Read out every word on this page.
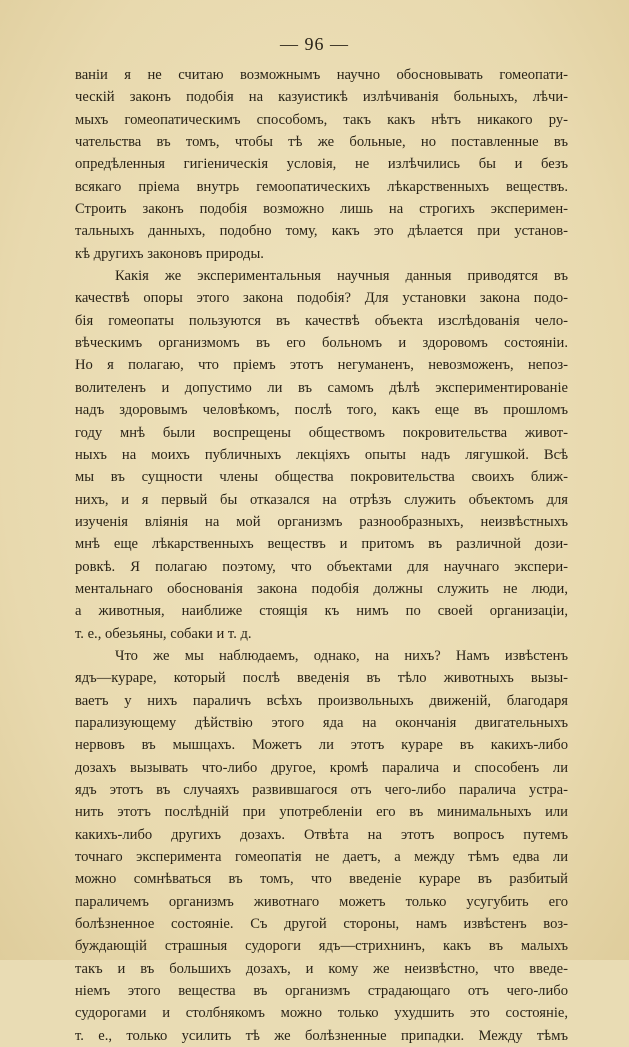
— 96 —
ваніи я не считаю возможнымъ научно обосновывать гомеопати-
ческій законъ подобія на казуистикѣ излѣчиванія больныхъ, лѣчи-
мыхъ гомеопатическимъ способомъ, такъ какъ нѣтъ никакого ру-
чательства въ томъ, чтобы тѣ же больные, но поставленные въ
опредѣленныя гигіеническія условія, не излѣчились бы и безъ
всякаго пріема внутрь гемоопатическихъ лѣкарственныхъ веществъ.
Строить законъ подобія возможно лишь на строгихъ эксперимен-
тальныхъ данныхъ, подобно тому, какъ это дѣлается при установ-
кѣ другихъ законовъ природы.
Какія же экспериментальныя научныя данныя приводятся въ
качествѣ опоры этого закона подобія? Для установки закона подо-
бія гомеопаты пользуются въ качествѣ объекта изслѣдованія чело-
вѣческимъ организмомъ въ его больномъ и здоровомъ состояніи.
Но я полагаю, что пріемъ этотъ негуманенъ, невозможенъ, непоз-
волителенъ и допустимо ли въ самомъ дѣлѣ экспериментированіе
надъ здоровымъ человѣкомъ, послѣ того, какъ еще въ прошломъ
году мнѣ были воспрещены обществомъ покровительства живот-
ныхъ на моихъ публичныхъ лекціяхъ опыты надъ лягушкой. Всѣ
мы въ сущности члены общества покровительства своихъ ближ-
нихъ, и я первый бы отказался на отрѣзъ служить объектомъ для
изученія вліянія на мой организмъ разнообразныхъ, неизвѣстныхъ
мнѣ еще лѣкарственныхъ веществъ и притомъ въ различной дози-
ровкѣ. Я полагаю поэтому, что объектами для научнаго экспери-
ментальнаго обоснованія закона подобія должны служить не люди,
а животныя, наиближе стоящія къ нимъ по своей организаціи,
т. е., обезьяны, собаки и т. д.
Что же мы наблюдаемъ, однако, на нихъ? Намъ извѣстенъ
ядъ—кураре, который послѣ введенія въ тѣло животныхъ вызы-
ваетъ у нихъ параличъ всѣхъ произвольныхъ движеній, благодаря
парализующему дѣйствію этого яда на окончанія двигательныхъ
нервовъ въ мышцахъ. Можетъ ли этотъ кураре въ какихъ-либо
дозахъ вызывать что-либо другое, кромѣ паралича и способенъ ли
ядъ этотъ въ случаяхъ развившагося отъ чего-либо паралича устра-
нить этотъ послѣдній при употребленіи его въ минимальныхъ или
какихъ-либо другихъ дозахъ. Отвѣта на этотъ вопросъ путемъ
точнаго эксперимента гомеопатія не даетъ, а между тѣмъ едва ли
можно сомнѣваться въ томъ, что введеніе кураре въ разбитый
параличемъ организмъ животнаго можетъ только усугубить его
болѣзненное состояніе. Съ другой стороны, намъ извѣстенъ воз-
буждающій страшныя судороги ядъ—стрихнинъ, какъ въ малыхъ
такъ и въ большихъ дозахъ, и кому же неизвѣстно, что введе-
ніемъ этого вещества въ организмъ страдающаго отъ чего-либо
судорогами и столбнякомъ можно только ухудшить это состояніе,
т. е., только усилить тѣ же болѣзненные припадки. Между тѣмъ
